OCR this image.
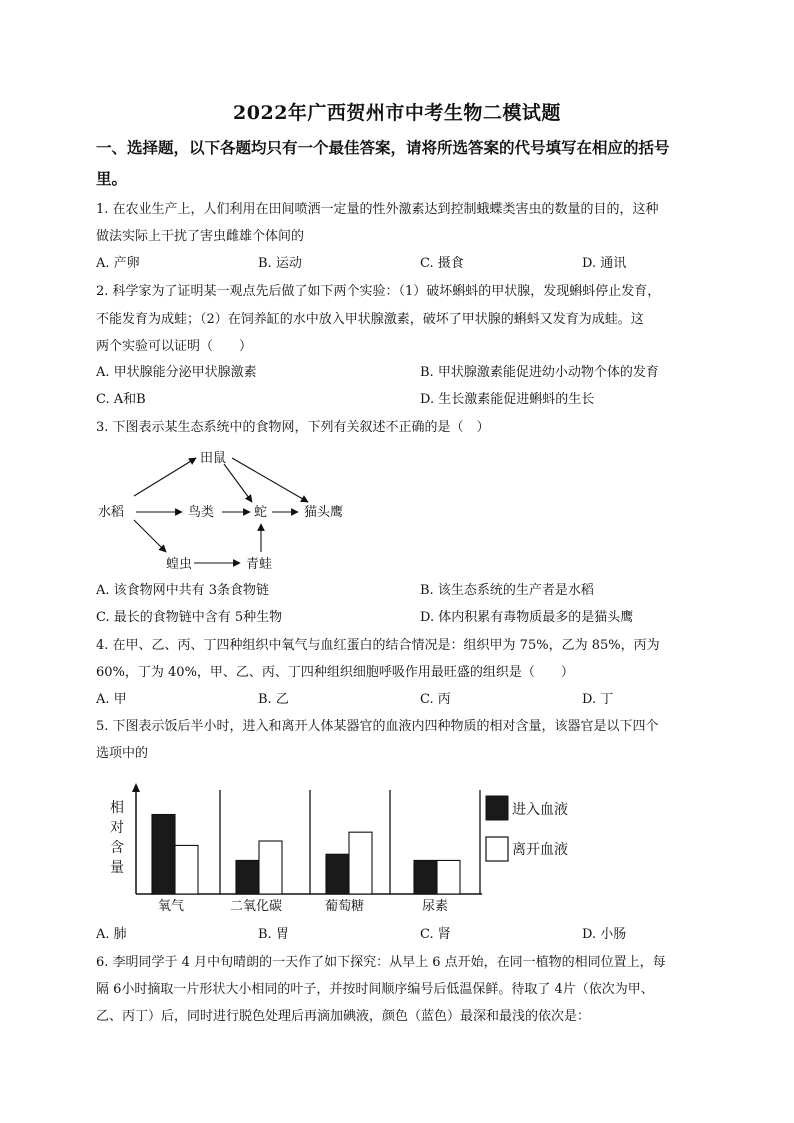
2022年广西贺州市中考生物二模试题
一、选择题，以下各题均只有一个最佳答案，请将所选答案的代号填写在相应的括号
里。
1. 在农业生产上，人们利用在田间喷洒一定量的性外激素达到控制蛾蝶类害虫的数量的目的，这种
做法实际上干扰了害虫雌雄个体间的
A. 产卵	B. 运动	C. 摄食	D. 通讯
2. 科学家为了证明某一观点先后做了如下两个实验：（1）破坏蝌蚪的甲状腺，发现蝌蚪停止发育，
不能发育为成蛙；（2）在饲养缸的水中放入甲状腺激素，破坏了甲状腺的蝌蚪又发育为成蛙。这
两个实验可以证明（　　）
A. 甲状腺能分泌甲状腺激素	B. 甲状腺激素能促进幼小动物个体的发育
C. A和B	D. 生长激素能促进蝌蚪的生长
3. 下图表示某生态系统中的食物网，下列有关叙述不正确的是（　）
田鼠
水稻	鸟类	蛇	猫头鹰
蝗虫	青蛙
A. 该食物网中共有 3条食物链	B. 该生态系统的生产者是水稻
C. 最长的食物链中含有 5种生物	D. 体内积累有毒物质最多的是猫头鹰
4. 在甲、乙、丙、丁四种组织中氧气与血红蛋白的结合情况是：组织甲为 75%，乙为 85%，丙为
60%，丁为 40%，甲、乙、丙、丁四种组织细胞呼吸作用最旺盛的组织是（　　）
A. 甲	B. 乙	C. 丙	D. 丁
5. 下图表示饭后半小时，进入和离开人体某器官的血液内四种物质的相对含量，该器官是以下四个
选项中的
相
对
含
量
氧气	二氧化碳	葡萄糖	尿素
进入血液
离开血液
A. 肺	B. 胃	C. 肾	D. 小肠
6. 李明同学于 4 月中旬晴朗的一天作了如下探究：从早上 6 点开始，在同一植物的相同位置上，每
隔 6小时摘取一片形状大小相同的叶子，并按时间顺序编号后低温保鲜。待取了 4片（依次为甲、
乙、丙丁）后，同时进行脱色处理后再滴加碘液，颜色（蓝色）最深和最浅的依次是：
